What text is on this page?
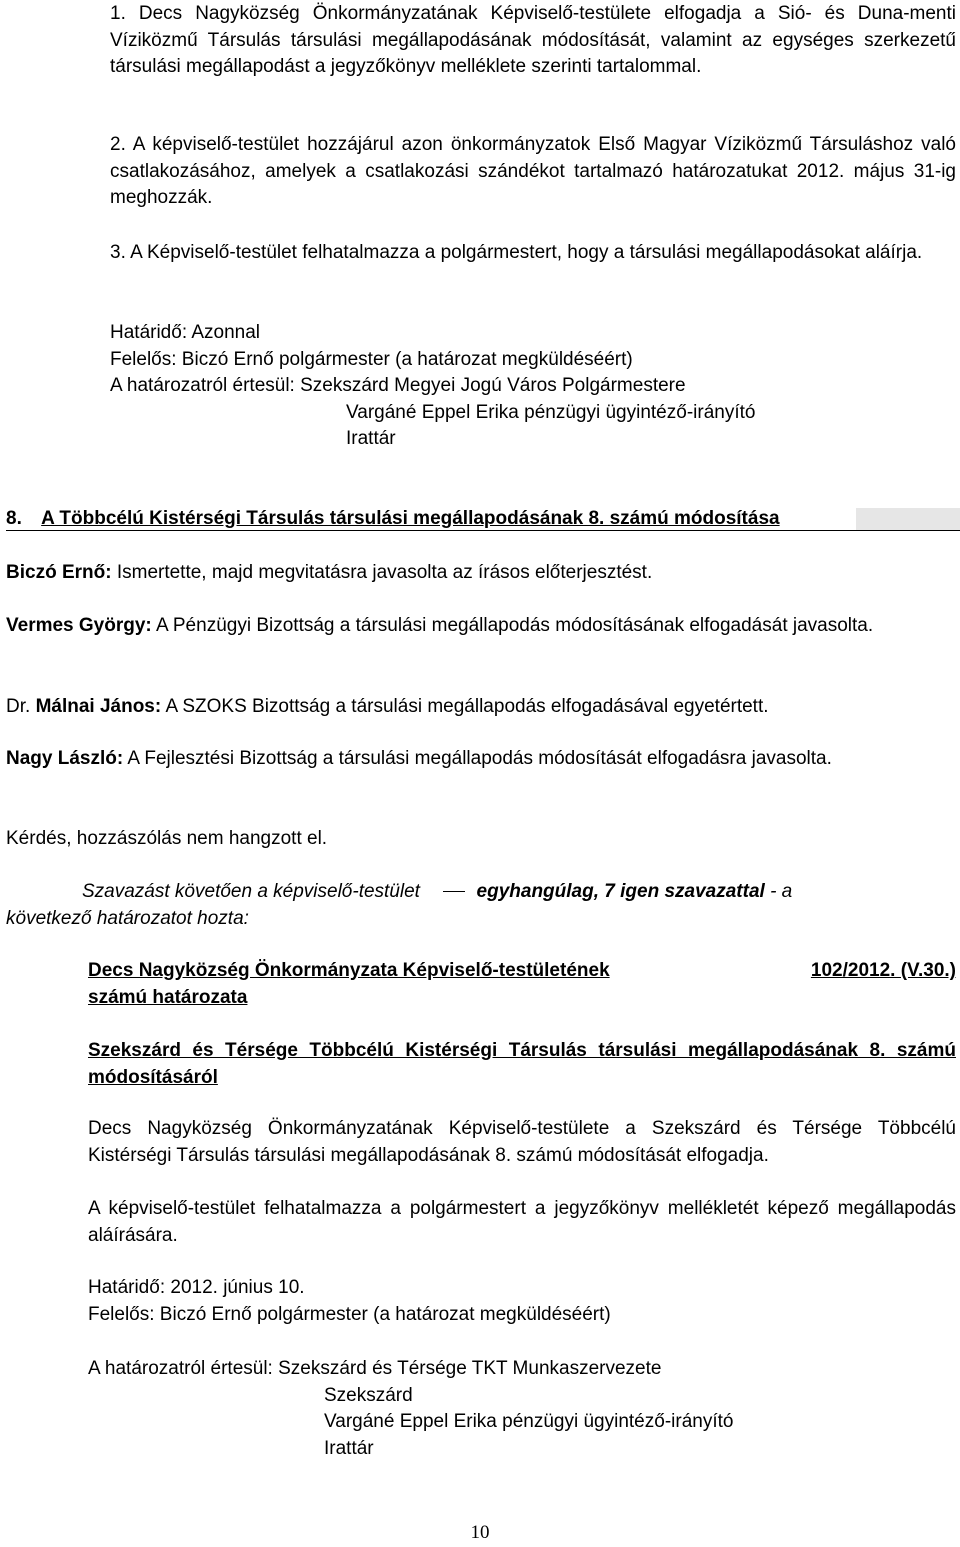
1. Decs Nagyközség Önkormányzatának Képviselő-testülete elfogadja a Sió- és Duna-menti Víziközmű Társulás társulási megállapodásának módosítását, valamint az egységes szerkezetű társulási megállapodást a jegyzőkönyv melléklete szerinti tartalommal.

2. A képviselő-testület hozzájárul azon önkormányzatok Első Magyar Víziközmű Társuláshoz való csatlakozásához, amelyek a csatlakozási szándékot tartalmazó határozatukat 2012. május 31-ig meghozzák.

3. A Képviselő-testület felhatalmazza a polgármestert, hogy a társulási megállapodásokat aláírja.

Határidő: Azonnal
Felelős: Biczó Ernő polgármester (a határozat megküldéséért)
A határozatról értesül: Szekszárd Megyei Jogú Város Polgármestere
Vargáné Eppel Erika pénzügyi ügyintéző-irányító
Irattár
8. A Többcélú Kistérségi Társulás társulási megállapodásának 8. számú módosítása

Biczó Ernő: Ismertette, majd megvitatásra javasolta az írásos előterjesztést.

Vermes György: A Pénzügyi Bizottság a társulási megállapodás módosításának elfogadását javasolta.

Dr. Málnai János: A SZOKS Bizottság a társulási megállapodás elfogadásával egyetértett.

Nagy László: A Fejlesztési Bizottság a társulási megállapodás módosítását elfogadásra javasolta.

Kérdés, hozzászólás nem hangzott el.

Szavazást követően a képviselő-testület	egyhangúlag, 7 igen szavazattal - a
következő határozatot hozta:
Decs Nagyközség Önkormányzata Képviselő-testületének	102/2012. (V.30.)
számú határozata

Szekszárd és Térsége Többcélú Kistérségi Társulás társulási megállapodásának 8. számú módosításáról

Decs Nagyközség Önkormányzatának Képviselő-testülete a Szekszárd és Térsége Többcélú Kistérségi Társulás társulási megállapodásának 8. számú módosítását elfogadja.

A képviselő-testület felhatalmazza a polgármestert a jegyzőkönyv mellékletét képező megállapodás aláírására.

Határidő: 2012. június 10.
Felelős: Biczó Ernő polgármester (a határozat megküldéséért)
A határozatról értesül: Szekszárd és Térsége TKT Munkaszervezete
Szekszárd
Vargáné Eppel Erika pénzügyi ügyintéző-irányító
Irattár
10
